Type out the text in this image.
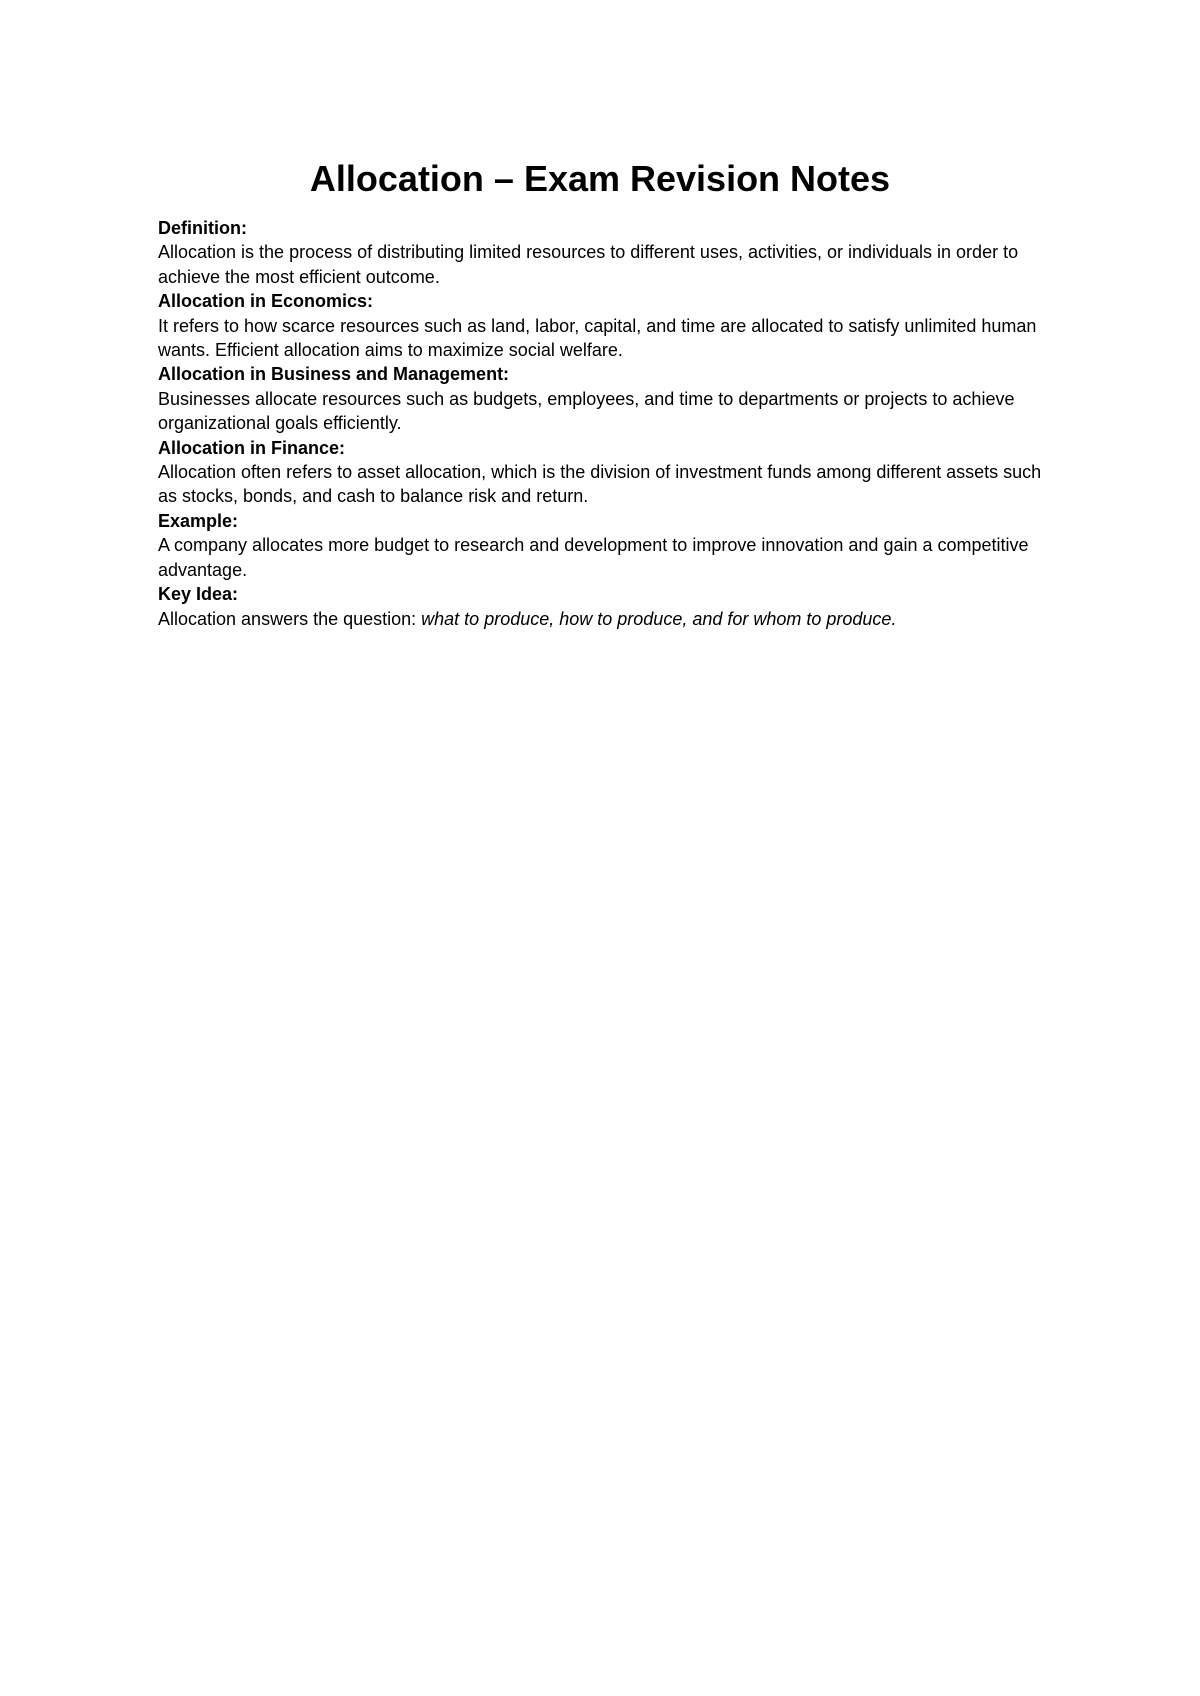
Allocation – Exam Revision Notes

Definition:

Allocation is the process of distributing limited resources to different uses, activities, or individuals in order to achieve the most efficient outcome.

Allocation in Economics:

It refers to how scarce resources such as land, labor, capital, and time are allocated to satisfy unlimited human wants. Efficient allocation aims to maximize social welfare.

Allocation in Business and Management:

Businesses allocate resources such as budgets, employees, and time to departments or projects to achieve organizational goals efficiently.

Allocation in Finance:

Allocation often refers to asset allocation, which is the division of investment funds among different assets such as stocks, bonds, and cash to balance risk and return.

Example:

A company allocates more budget to research and development to improve innovation and gain a competitive advantage.

Key Idea:

Allocation answers the question: what to produce, how to produce, and for whom to produce.
